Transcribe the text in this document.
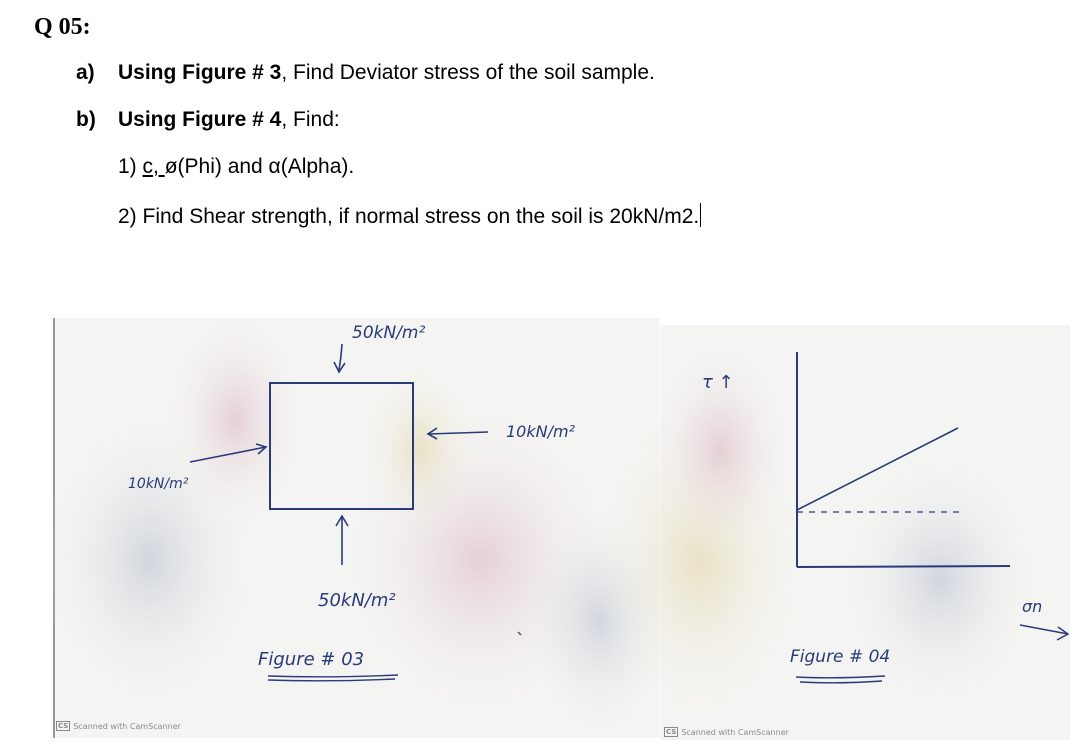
Q 05:
a) Using Figure # 3, Find Deviator stress of the soil sample.
b) Using Figure # 4, Find:
1) c, ø(Phi) and α(Alpha).
2) Find Shear strength, if normal stress on the soil is 20kN/m2.
50kN/m²
10kN/m²
10kN/m²
50kN/m²
Figure # 03
τ ↑
σn
Figure # 04
CS Scanned with CamScanner
CS Scanned with CamScanner
